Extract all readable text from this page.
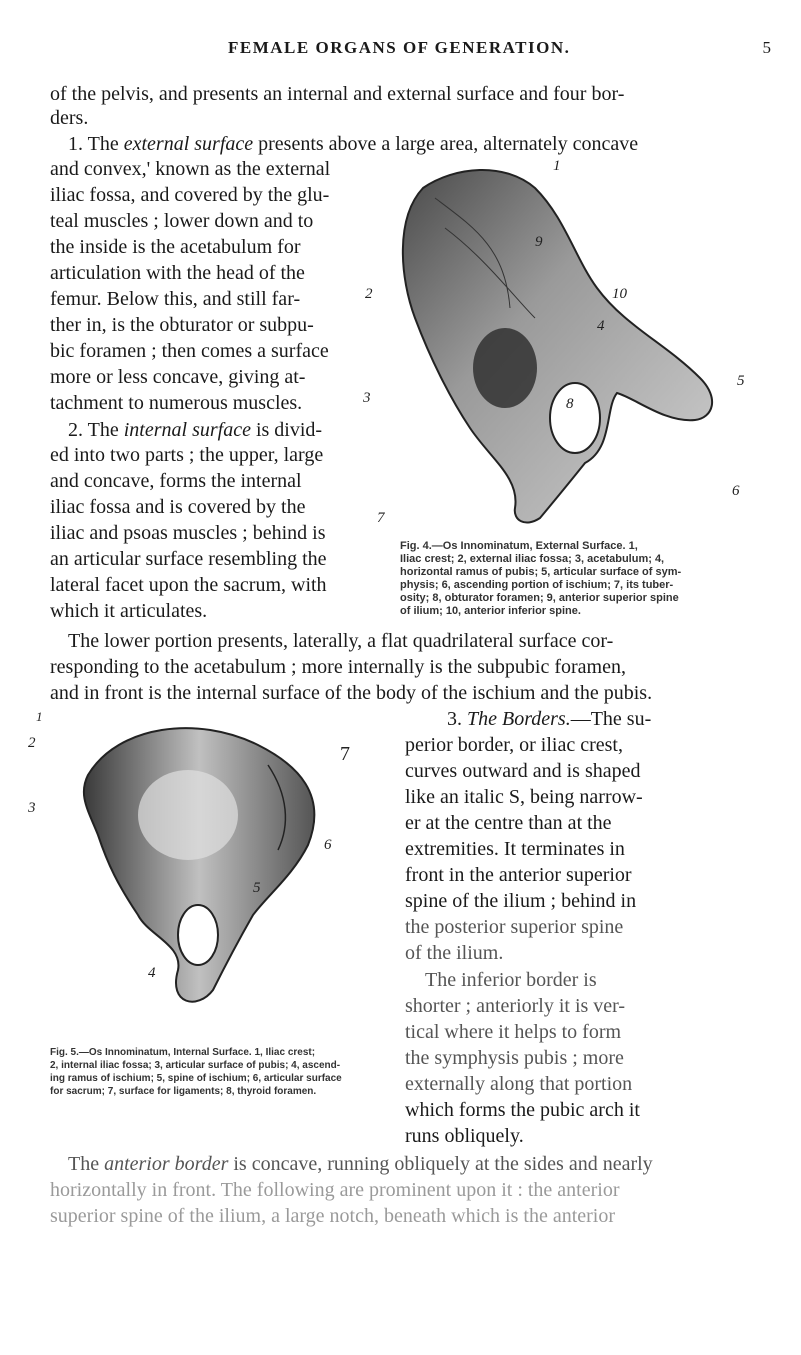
FEMALE ORGANS OF GENERATION.	5
of the pelvis, and presents an internal and external surface and four bor-
ders.
1. The external surface presents above a large area, alternately concave
and convex,' known as the external
iliac fossa, and covered by the glu-
teal muscles ; lower down and to
the inside is the acetabulum for
articulation with the head of the
femur. Below this, and still far-
ther in, is the obturator or subpu-
bic foramen ; then comes a surface
more or less concave, giving at-
tachment to numerous muscles.
2. The internal surface is divid-
ed into two parts ; the upper, large
and concave, forms the internal
iliac fossa and is covered by the
iliac and psoas muscles ; behind is
an articular surface resembling the
lateral facet upon the sacrum, with
which it articulates.
1
9
10
2
4
5
3	8
6
7
Fig. 4.—Os Innominatum, External Surface. 1,
Iliac crest; 2, external iliac fossa; 3, acetabulum; 4,
horizontal ramus of pubis; 5, articular surface of sym-
physis; 6, ascending portion of ischium; 7, its tuber-
osity; 8, obturator foramen; 9, anterior superior spine
of ilium; 10, anterior inferior spine.
The lower portion presents, laterally, a flat quadrilateral surface cor-
responding to the acetabulum ; more internally is the subpubic foramen,
and in front is the internal surface of the body of the ischium and the pubis.
1
2	7
3
6
5
4
3. The Borders.—The su-
perior border, or iliac crest,
curves outward and is shaped
like an italic S, being narrow-
er at the centre than at the
extremities. It terminates in
front in the anterior superior
spine of the ilium ; behind in
the posterior superior spine
of the ilium.
The inferior border is
shorter ; anteriorly it is ver-
tical where it helps to form
the symphysis pubis ; more
externally along that portion
which forms the pubic arch it
runs obliquely.
Fig. 5.—Os Innominatum, Internal Surface. 1, Iliac crest;
2, internal iliac fossa; 3, articular surface of pubis; 4, ascend-
ing ramus of ischium; 5, spine of ischium; 6, articular surface
for sacrum; 7, surface for ligaments; 8, thyroid foramen.
The anterior border is concave, running obliquely at the sides and nearly
horizontally in front. The following are prominent upon it : the anterior
superior spine of the ilium, a large notch, beneath which is the anterior
